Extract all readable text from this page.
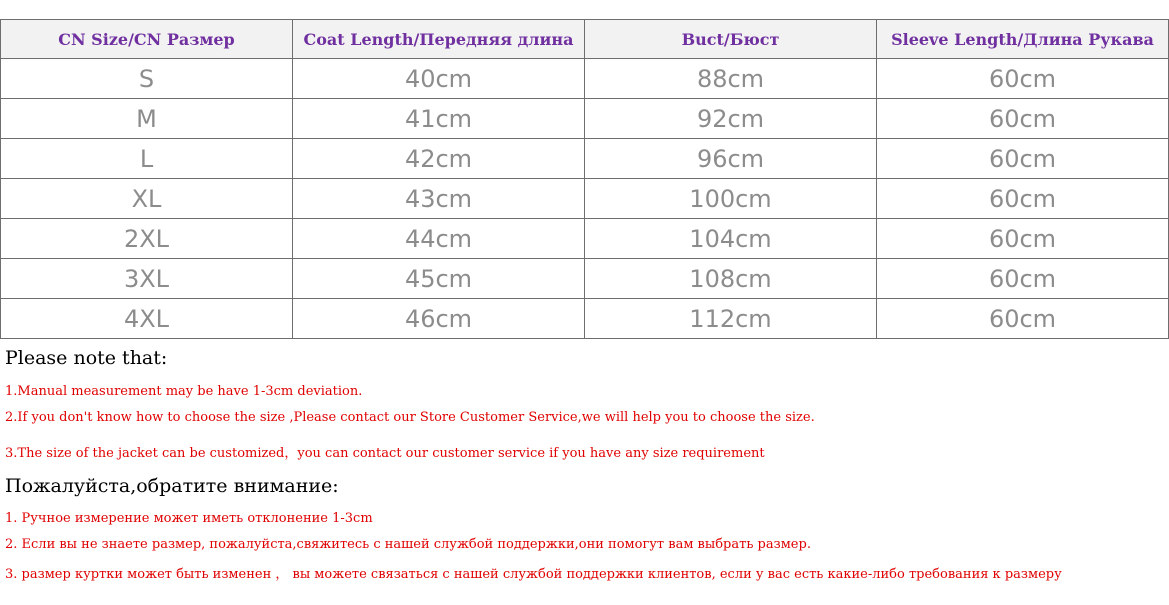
CN Size/CN Размер	Coat Length/Передняя длина	Buct/Бюст	Sleeve Length/Длина Рукава
S	40cm	88cm	60cm
M	41cm	92cm	60cm
L	42cm	96cm	60cm
XL	43cm	100cm	60cm
2XL	44cm	104cm	60cm
3XL	45cm	108cm	60cm
4XL	46cm	112cm	60cm

Please note that:

1.Manual measurement may be have 1-3cm deviation.

2.If you don't know how to choose the size ,Please contact our Store Customer Service,we will help you to choose the size.

3.The size of the jacket can be customized，you can contact our customer service if you have any size requirement

Пожалуйста,обратите внимание:

1. Ручное измерение может иметь отклонение 1-3cm

2. Если вы не знаете размер, пожалуйста,свяжитесь с нашей службой поддержки,они помогут вам выбрать размер.

3. размер куртки может быть изменен ， вы можете связаться с нашей службой поддержки клиентов, если у вас есть какие-либо требования к размеру
